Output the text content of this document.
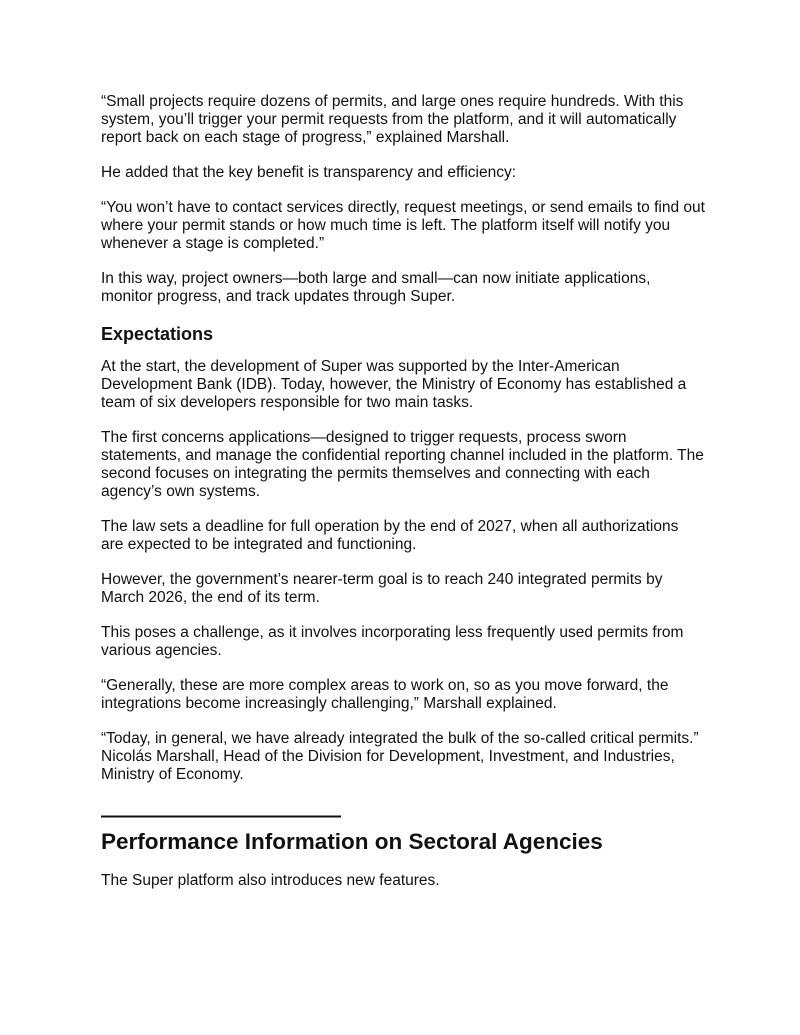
“Small projects require dozens of permits, and large ones require hundreds. With this system, you’ll trigger your permit requests from the platform, and it will automatically report back on each stage of progress,” explained Marshall.

He added that the key benefit is transparency and efficiency:

“You won’t have to contact services directly, request meetings, or send emails to find out where your permit stands or how much time is left. The platform itself will notify you whenever a stage is completed.”

In this way, project owners—both large and small—can now initiate applications, monitor progress, and track updates through Super.

Expectations

At the start, the development of Super was supported by the Inter-American Development Bank (IDB). Today, however, the Ministry of Economy has established a team of six developers responsible for two main tasks.

The first concerns applications—designed to trigger requests, process sworn statements, and manage the confidential reporting channel included in the platform. The second focuses on integrating the permits themselves and connecting with each agency’s own systems.

The law sets a deadline for full operation by the end of 2027, when all authorizations are expected to be integrated and functioning.

However, the government’s nearer-term goal is to reach 240 integrated permits by March 2026, the end of its term.

This poses a challenge, as it involves incorporating less frequently used permits from various agencies.

“Generally, these are more complex areas to work on, so as you move forward, the integrations become increasingly challenging,” Marshall explained.

“Today, in general, we have already integrated the bulk of the so-called critical permits.” Nicolás Marshall, Head of the Division for Development, Investment, and Industries, Ministry of Economy.

————————————
Performance Information on Sectoral Agencies

The Super platform also introduces new features.
